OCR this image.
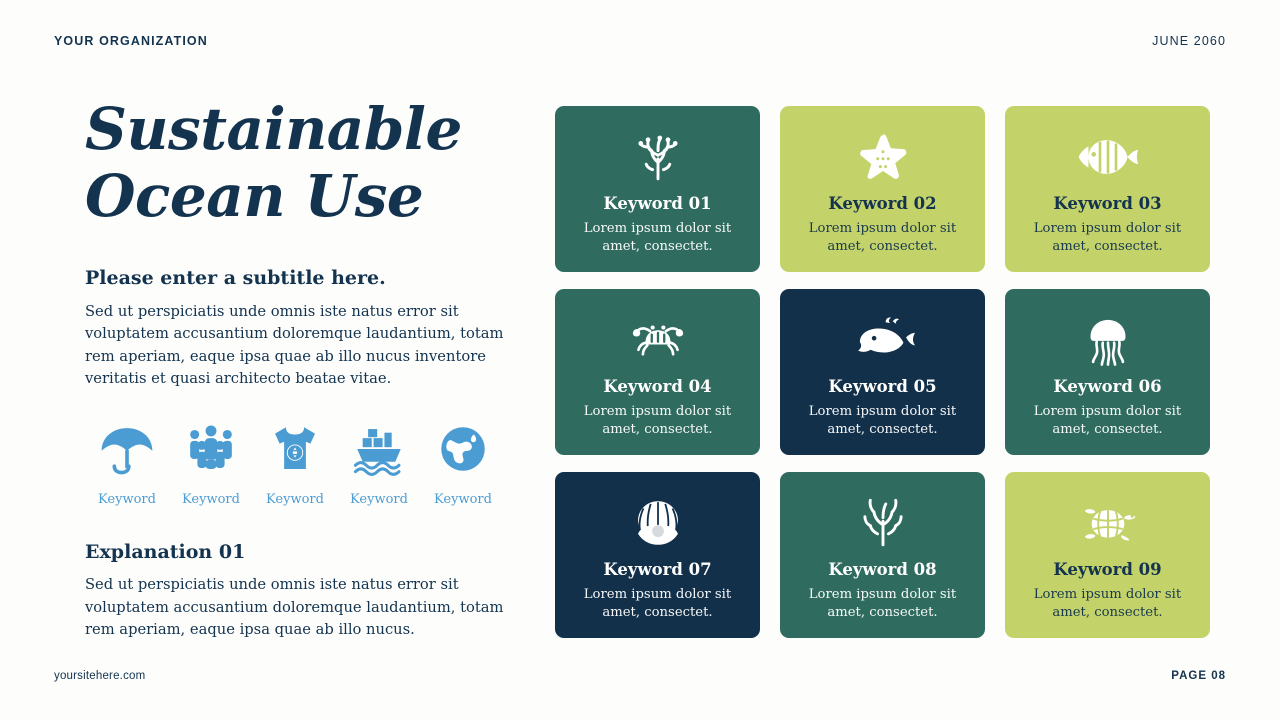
YOUR ORGANIZATION	JUNE 2060
Sustainable Ocean Use
Please enter a subtitle here.
Sed ut perspiciatis unde omnis iste natus error sit voluptatem accusantium doloremque laudantium, totam rem aperiam, eaque ipsa quae ab illo nucus inventore veritatis et quasi architecto beatae vitae.
Keyword Keyword Keyword Keyword Keyword
Explanation 01
Sed ut perspiciatis unde omnis iste natus error sit voluptatem accusantium doloremque laudantium, totam rem aperiam, eaque ipsa quae ab illo nucus.
Keyword 01
Lorem ipsum dolor sit amet, consectet.
Keyword 02
Lorem ipsum dolor sit amet, consectet.
Keyword 03
Lorem ipsum dolor sit amet, consectet.
Keyword 04
Lorem ipsum dolor sit amet, consectet.
Keyword 05
Lorem ipsum dolor sit amet, consectet.
Keyword 06
Lorem ipsum dolor sit amet, consectet.
Keyword 07
Lorem ipsum dolor sit amet, consectet.
Keyword 08
Lorem ipsum dolor sit amet, consectet.
Keyword 09
Lorem ipsum dolor sit amet, consectet.
yoursitehere.com	PAGE 08
